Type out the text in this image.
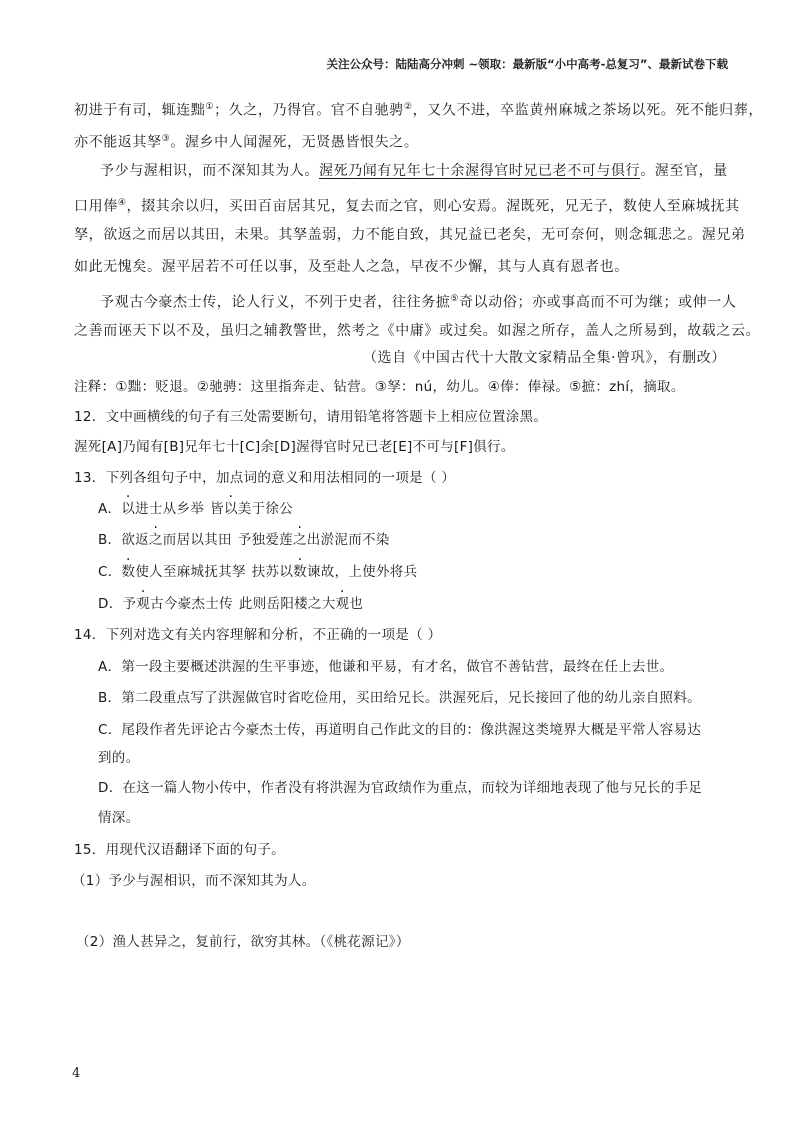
关注公众号：陆陆高分冲刺 ~领取：最新版“小中高考-总复习”、最新试卷下载
初进于有司，辄连黜①；久之，乃得官。官不自驰骋②，又久不进，卒监黄州麻城之茶场以死。死不能归葬，
亦不能返其孥③。渥乡中人闻渥死，无贤愚皆恨失之。
予少与渥相识，而不深知其为人。渥死乃闻有兄年七十余渥得官时兄已老不可与俱行。渥至官，量
口用俸④，掇其余以归，买田百亩居其兄，复去而之官，则心安焉。渥既死，兄无子，数使人至麻城抚其
孥，欲返之而居以其田，未果。其孥盖弱，力不能自致，其兄益已老矣，无可奈何，则念辄悲之。渥兄弟
如此无愧矣。渥平居若不可任以事，及至赴人之急，早夜不少懈，其与人真有恩者也。
予观古今豪杰士传，论人行义，不列于史者，往往务摭⑤奇以动俗；亦或事高而不可为继；或伸一人
之善而诬天下以不及，虽归之辅教警世，然考之《中庸》或过矣。如渥之所存，盖人之所易到，故载之云。
（选自《中国古代十大散文家精品全集·曾巩》，有删改）
注释：①黜：贬退。②驰骋：这里指奔走、钻营。③孥：nú，幼儿。④俸：俸禄。⑤摭：zhí，摘取。
12．文中画横线的句子有三处需要断句，请用铅笔将答题卡上相应位置涂黑。
渥死[A]乃闻有[B]兄年七十[C]余[D]渥得官时兄已老[E]不可与[F]俱行。
13．下列各组句子中，加点词的意义和用法相同的一项是（ ）
A．以进士从乡举 皆以美于徐公
B．欲返之而居以其田 予独爱莲之出淤泥而不染
C．数使人至麻城抚其孥 扶苏以数谏故，上使外将兵
D．予观古今豪杰士传 此则岳阳楼之大观也
14．下列对选文有关内容理解和分析，不正确的一项是（ ）
A．第一段主要概述洪渥的生平事迹，他谦和平易，有才名，做官不善钻营，最终在任上去世。
B．第二段重点写了洪渥做官时省吃俭用，买田给兄长。洪渥死后，兄长接回了他的幼儿亲自照料。
C．尾段作者先评论古今豪杰士传，再道明自己作此文的目的：像洪渥这类境界大概是平常人容易达
到的。
D．在这一篇人物小传中，作者没有将洪渥为官政绩作为重点，而较为详细地表现了他与兄长的手足
情深。
15．用现代汉语翻译下面的句子。
（1）予少与渥相识，而不深知其为人。
（2）渔人甚异之，复前行，欲穷其林。（《桃花源记》）
4
